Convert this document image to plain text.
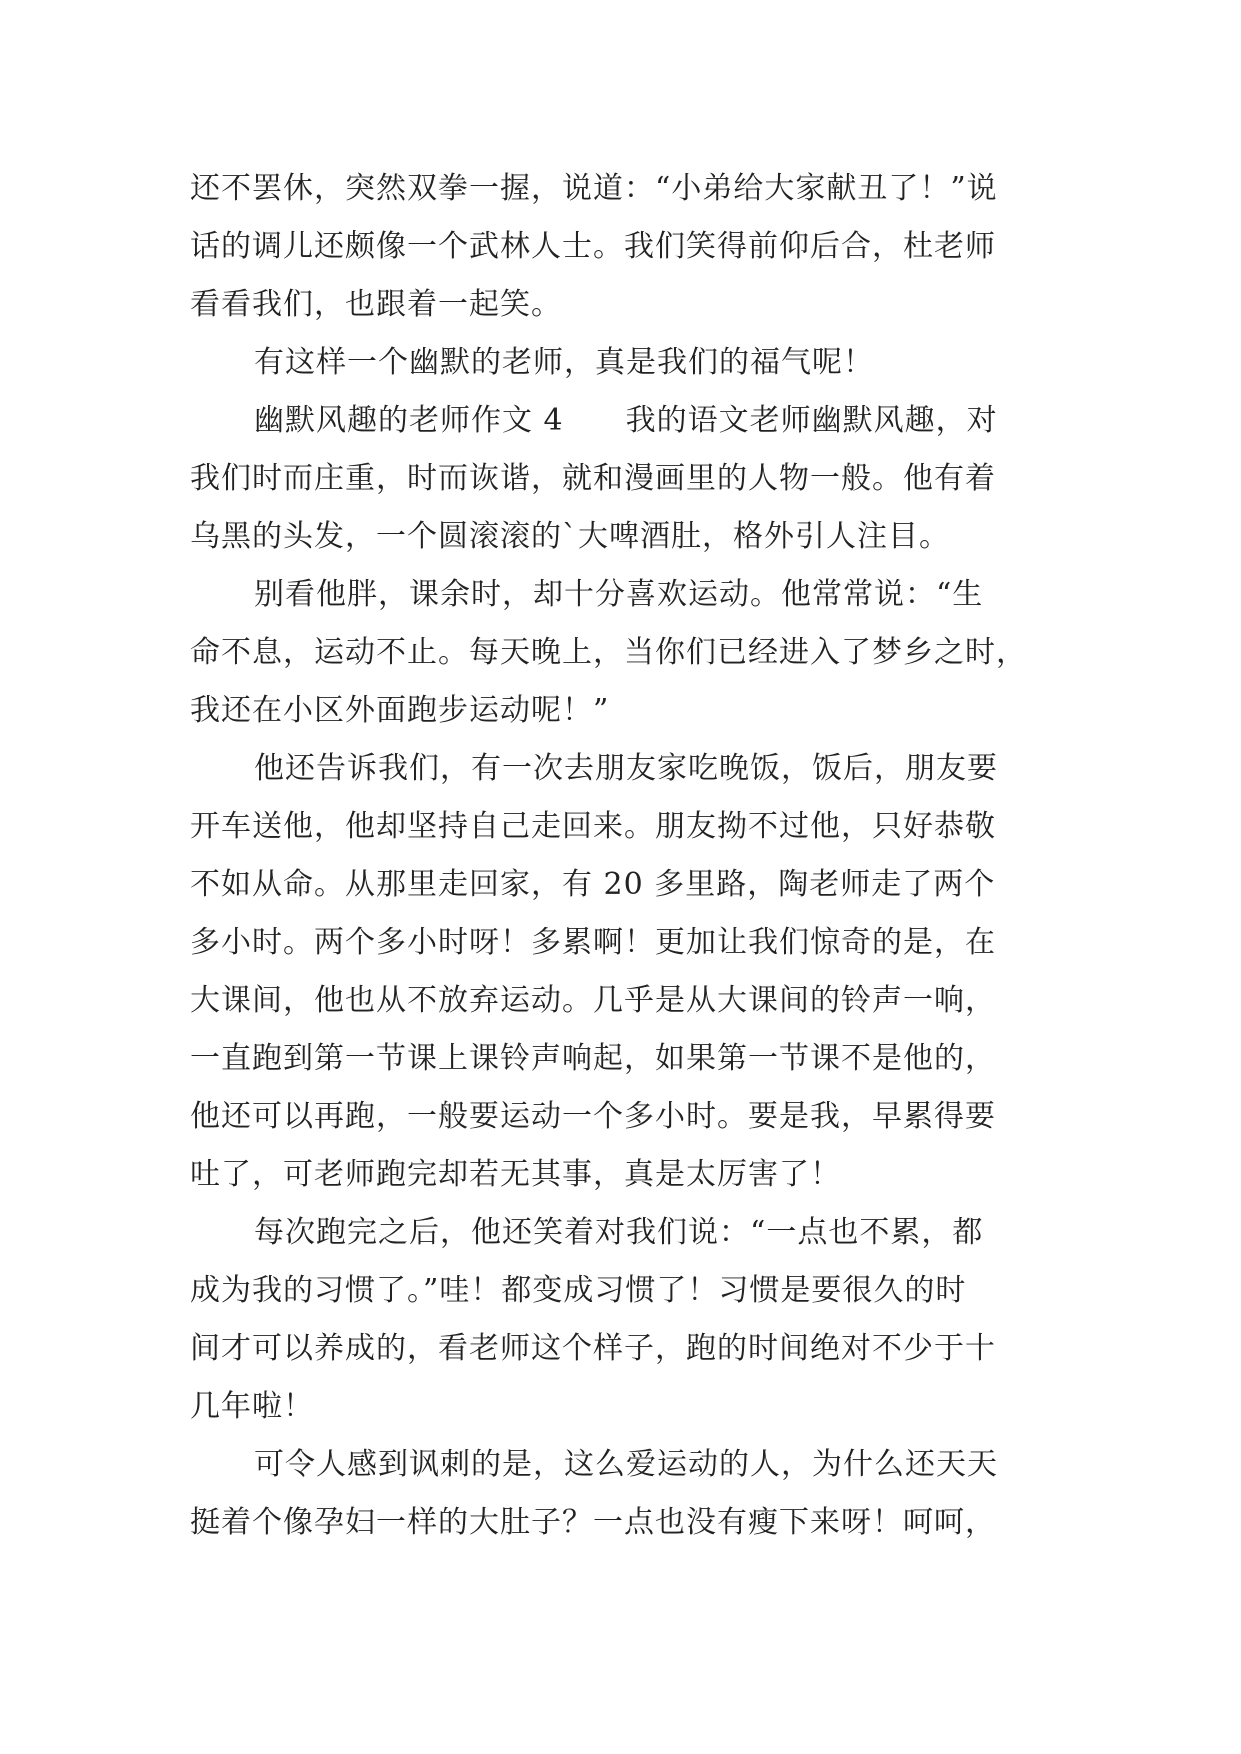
还不罢休，突然双拳一握，说道：“小弟给大家献丑了！”说
话的调儿还颇像一个武林人士。我们笑得前仰后合，杜老师
看看我们，也跟着一起笑。
有这样一个幽默的老师，真是我们的福气呢！
幽默风趣的老师作文 4　　我的语文老师幽默风趣，对
我们时而庄重，时而诙谐，就和漫画里的人物一般。他有着
乌黑的头发，一个圆滚滚的`大啤酒肚，格外引人注目。
别看他胖，课余时，却十分喜欢运动。他常常说：“生
命不息，运动不止。每天晚上，当你们已经进入了梦乡之时，
我还在小区外面跑步运动呢！”
他还告诉我们，有一次去朋友家吃晚饭，饭后，朋友要
开车送他，他却坚持自己走回来。朋友拗不过他，只好恭敬
不如从命。从那里走回家，有 20 多里路，陶老师走了两个
多小时。两个多小时呀！多累啊！更加让我们惊奇的是，在
大课间，他也从不放弃运动。几乎是从大课间的铃声一响，
一直跑到第一节课上课铃声响起，如果第一节课不是他的，
他还可以再跑，一般要运动一个多小时。要是我，早累得要
吐了，可老师跑完却若无其事，真是太厉害了！
每次跑完之后，他还笑着对我们说：“一点也不累，都
成为我的习惯了。”哇！都变成习惯了！习惯是要很久的时
间才可以养成的，看老师这个样子，跑的时间绝对不少于十
几年啦！
可令人感到讽刺的是，这么爱运动的人，为什么还天天
挺着个像孕妇一样的大肚子？一点也没有瘦下来呀！呵呵，
